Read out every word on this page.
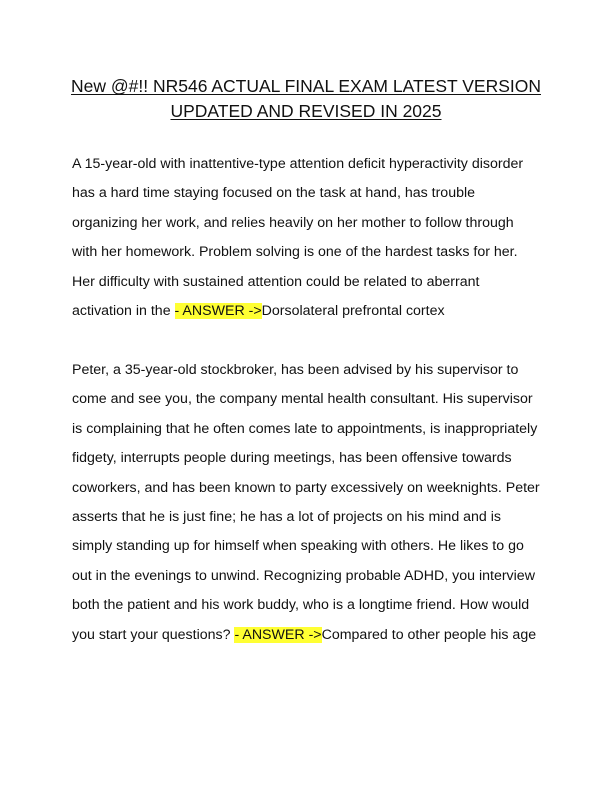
New @#!! NR546 ACTUAL FINAL EXAM LATEST VERSION UPDATED AND REVISED IN 2025

A 15-year-old with inattentive-type attention deficit hyperactivity disorder has a hard time staying focused on the task at hand, has trouble organizing her work, and relies heavily on her mother to follow through with her homework. Problem solving is one of the hardest tasks for her. Her difficulty with sustained attention could be related to aberrant activation in the - ANSWER ->Dorsolateral prefrontal cortex

Peter, a 35-year-old stockbroker, has been advised by his supervisor to come and see you, the company mental health consultant. His supervisor is complaining that he often comes late to appointments, is inappropriately fidgety, interrupts people during meetings, has been offensive towards coworkers, and has been known to party excessively on weeknights. Peter asserts that he is just fine; he has a lot of projects on his mind and is simply standing up for himself when speaking with others. He likes to go out in the evenings to unwind. Recognizing probable ADHD, you interview both the patient and his work buddy, who is a longtime friend. How would you start your questions? - ANSWER ->Compared to other people his age
